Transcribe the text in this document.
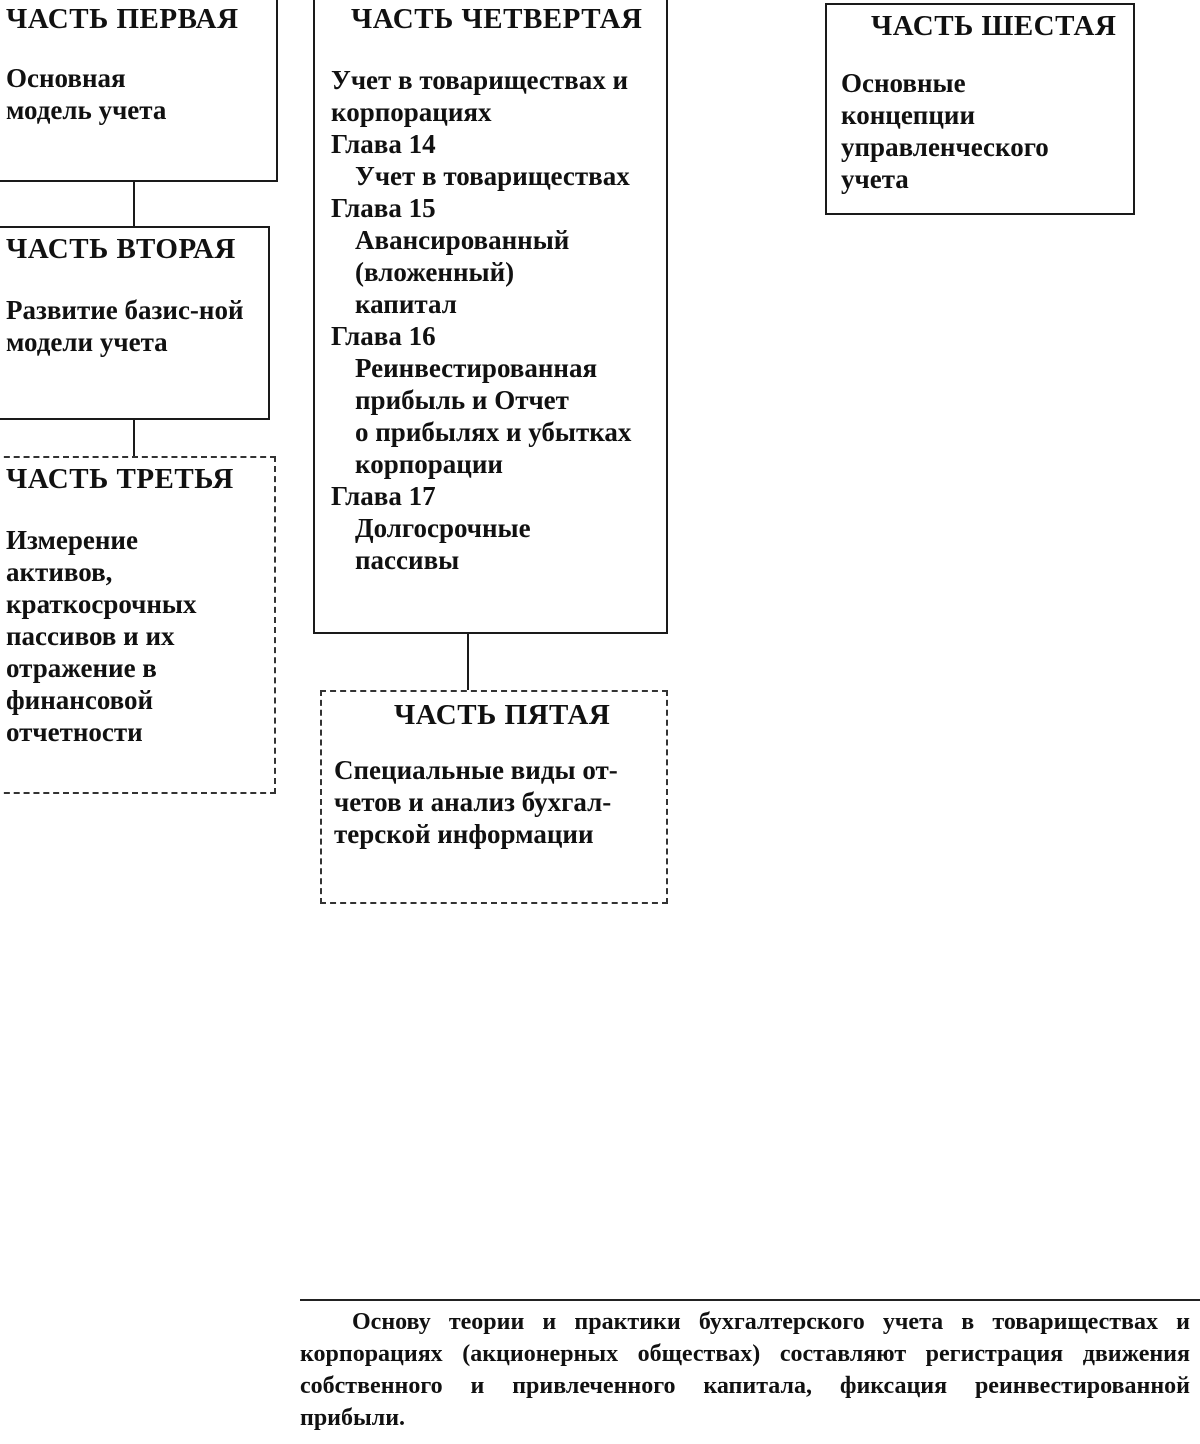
ЧАСТЬ ПЕРВАЯ
Основная модель учета
ЧАСТЬ ВТОРАЯ
Развитие базис-ной модели учета
ЧАСТЬ ТРЕТЬЯ
Измерение активов, краткосрочных пассивов и их отражение в финансовой отчетности
ЧАСТЬ ЧЕТВЕРТАЯ
Учет в товариществах и корпорациях
Глава 14
Учет в товариществах
Глава 15
Авансированный
(вложенный)
капитал
Глава 16
Реинвестированная
прибыль и Отчет
о прибылях и убытках
корпорации
Глава 17
Долгосрочные
пассивы
ЧАСТЬ ПЯТАЯ
Специальные виды от-четов и анализ бухгал-терской информации
ЧАСТЬ ШЕСТАЯ
Основные концепции управленческого учета

Основу теории и практики бухгалтерского учета в товариществах и корпорациях (акционерных обществах) составляют регистрация движения собственного и привлеченного капитала, фиксация реинвестированной прибыли.
